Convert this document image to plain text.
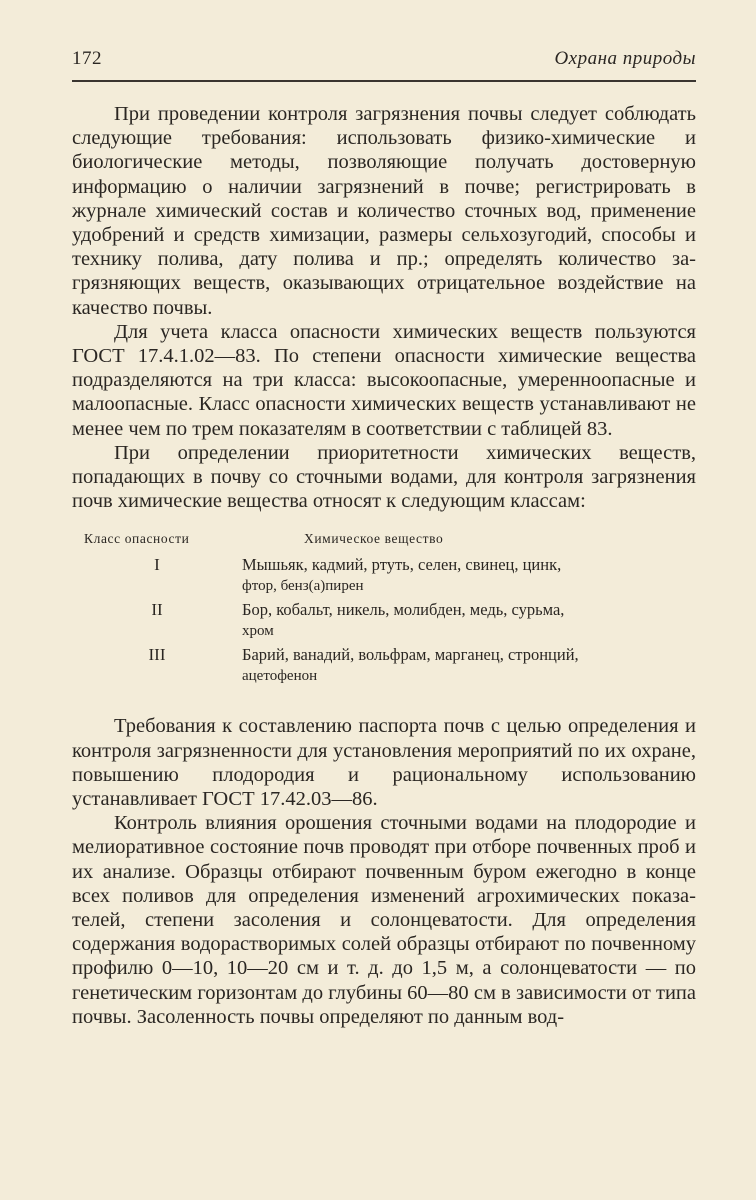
172	Охрана природы

При проведении контроля загрязнения почвы следует соблюдать следующие требования: использовать физико-химические и биологические методы, позволяющие получать достоверную информацию о наличии загрязнений в почве; регистрировать в журнале химический состав и количество сточных вод, применение удобрений и средств химизации, размеры сельхозугодий, способы и технику полива, дату полива и пр.; определять количество загрязняющих веществ, оказывающих отрицательное воздействие на качество почвы.

Для учета класса опасности химических веществ пользуются ГОСТ 17.4.1.02—83. По степени опасности химические вещества подразделяются на три класса: высокоопасные, умеренноопасные и малоопасные. Класс опасности химических веществ устанавливают не менее чем по трем показателям в соответствии с таблицей 83.

При определении приоритетности химических веществ, попадающих в почву со сточными водами, для контроля загрязнения почв химические вещества относят к следующим классам:

Класс опасности	Химическое вещество
I	Мышьяк, кадмий, ртуть, селен, свинец, цинк,
фтор, бенз(а)пирен
II	Бор, кобальт, никель, молибден, медь, сурьма,
хром
III	Барий, ванадий, вольфрам, марганец, стронций,
ацетофенон

Требования к составлению паспорта почв с целью определения и контроля загрязненности для установления мероприятий по их охране, повышению плодородия и рациональному использованию устанавливает ГОСТ 17.42.03—86.

Контроль влияния орошения сточными водами на плодородие и мелиоративное состояние почв проводят при отборе почвенных проб и их анализе. Образцы отбирают почвенным буром ежегодно в конце всех поливов для определения изменений агрохимических показателей, степени засоления и солонцеватости. Для определения содержания водорастворимых солей образцы отбирают по почвенному профилю 0—10, 10—20 см и т. д. до 1,5 м, а солонцеватости — по генетическим горизонтам до глубины 60—80 см в зависимости от типа почвы. Засоленность почвы определяют по данным вод-
